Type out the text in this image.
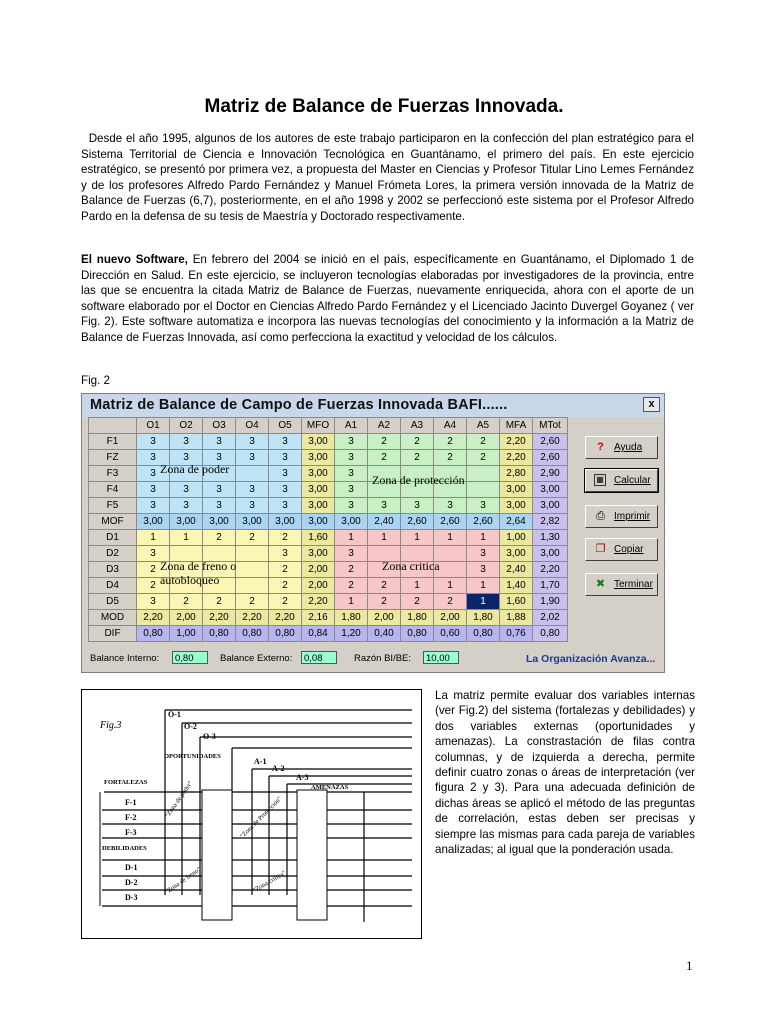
Matriz de Balance de Fuerzas Innovada.

Desde el año 1995, algunos de los autores de este trabajo participaron en la confección del plan estratégico para el Sistema Territorial de Ciencia e Innovación Tecnológica en Guantánamo, el primero del país. En este ejercicio estratégico, se presentó por primera vez, a propuesta del Master en Ciencias y Profesor Titular Lino Lemes Fernández y de los profesores Alfredo Pardo Fernández y Manuel Frómeta Lores, la primera versión innovada de la Matriz de Balance de Fuerzas (6,7), posteriormente, en el año 1998 y 2002 se perfeccionó este sistema por el Profesor Alfredo Pardo en la defensa de su tesis de Maestría y Doctorado respectivamente.

El nuevo Software, En febrero del 2004 se inició en el país, específicamente en Guantánamo, el Diplomado 1 de Dirección en Salud. En este ejercicio, se incluyeron tecnologías elaboradas por investigadores de la provincia, entre las que se encuentra la citada Matriz de Balance de Fuerzas, nuevamente enriquecida, ahora con el aporte de un software elaborado por el Doctor en Ciencias Alfredo Pardo Fernández y el Licenciado Jacinto Duvergel Goyanez ( ver Fig. 2). Este software automatiza e incorpora las nuevas tecnologías del conocimiento y la información a la Matriz de Balance de Fuerzas Innovada, así como perfecciona la exactitud y velocidad de los cálculos.

Fig. 2
Matriz de Balance de Campo de Fuerzas Innovada BAFI......	x
	O1	O2	O3	O4	O5	MFO	A1	A2	A3	A4	A5	MFA	MTot
F1	3	3	3	3	3	3,00	3	2	2	2	2	2,20	2,60
FZ	3	3	3	3	3	3,00	3	2	2	2	2	2,20	2,60
F3	3				3	3,00	3					2,80	2,90
F4	3	3	3	3	3	3,00	3					3,00	3,00
F5	3	3	3	3	3	3,00	3	3	3	3	3	3,00	3,00
MOF	3,00	3,00	3,00	3,00	3,00	3,00	3,00	2,40	2,60	2,60	2,60	2,64	2,82
D1	1	1	2	2	2	1,60	1	1	1	1	1	1,00	1,30
D2	3				3	3,00	3				3	3,00	3,00
D3	2				2	2,00	2				3	2,40	2,20
D4	2				2	2,00	2	2	1	1	1	1,40	1,70
D5	3	2	2	2	2	2,20	1	2	2	2	1	1,60	1,90
MOD	2,20	2,00	2,20	2,20	2,20	2,16	1,80	2,00	1,80	2,00	1,80	1,88	2,02
DIF	0,80	1,00	0,80	0,80	0,80	0,84	1,20	0,40	0,80	0,60	0,80	0,76	0,80
Zona de poder
Zona de protección
Zona de freno o autobloqueo
Zona critica
?	Ayuda
▦ Calcular
⎙ Imprimir
❐ Copiar
✖ Terminar
Balance Interno:	0,80	Balance Externo:	0,08	Razón BI/BE:	10,00	La Organización Avanza...
Fig.3
O-1
O-2
O-3
OPORTUNIDADES
A-1
A-2
A-3
AMENAZAS
FORTALEZAS
F-1
F-2
F-3
DEBILIDADES
D-1
D-2
D-3
"Zona de poder"	"Zona de Protección"
"Zona de freno"	"Zona crítica"

La matriz permite evaluar dos variables internas (ver Fig.2) del sistema (fortalezas y debilidades) y dos variables externas (oportunidades y amenazas). La constrastación de filas contra columnas, y de izquierda a derecha, permite definir cuatro zonas o áreas de interpretación (ver figura 2 y 3). Para una adecuada definición de dichas áreas se aplicó el método de las preguntas de correlación, estas deben ser precisas y siempre las mismas para cada pareja de variables analizadas; al igual que la ponderación usada.

1
